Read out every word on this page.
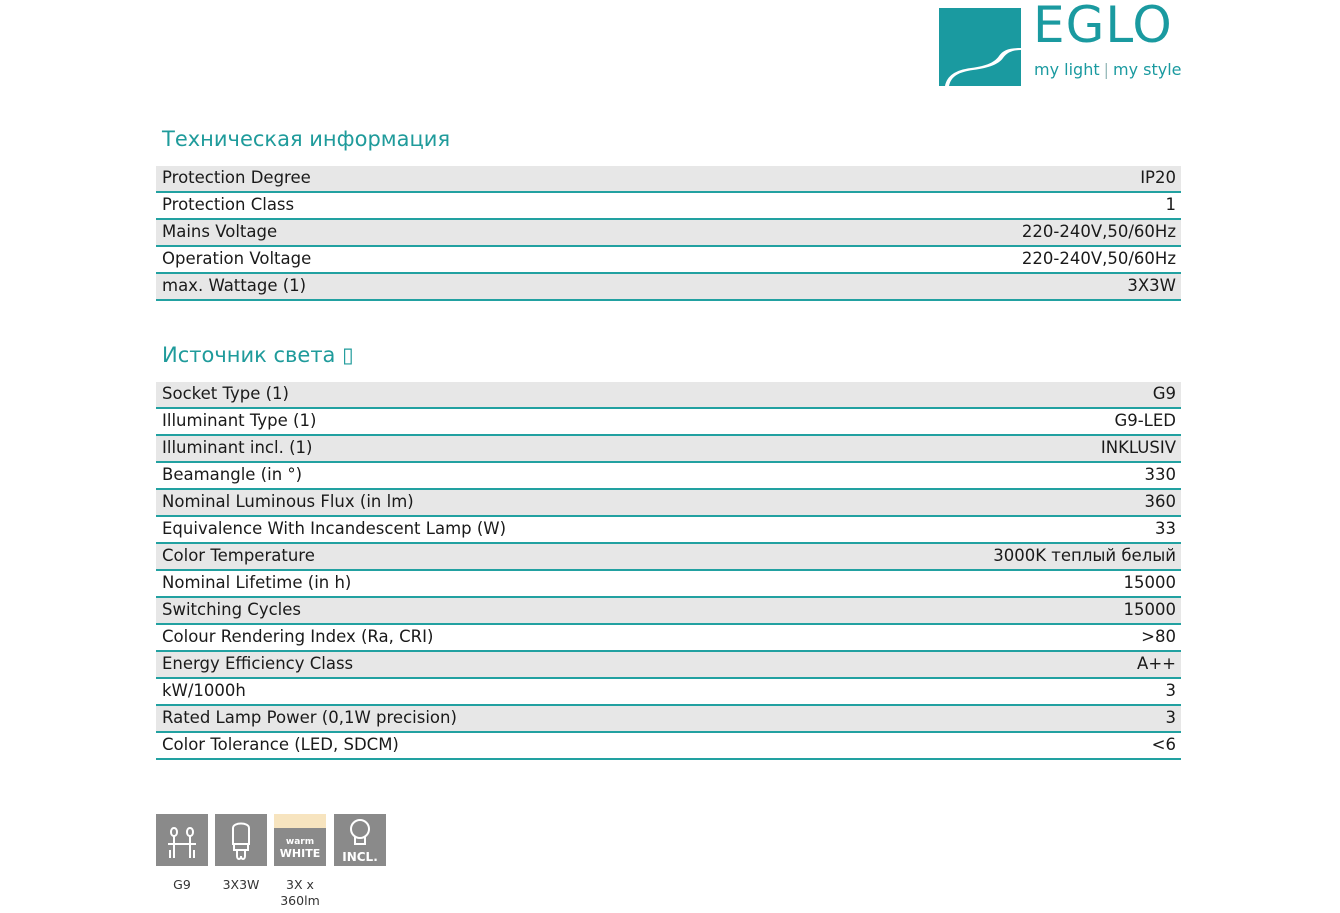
EGLO
my light | my style
Техническая информация
Protection Degree	IP20
Protection Class	1
Mains Voltage	220-240V,50/60Hz
Operation Voltage	220-240V,50/60Hz
max. Wattage (1)	3X3W
Источник света ▯
Socket Type (1)	G9
Illuminant Type (1)	G9-LED
Illuminant incl. (1)	INKLUSIV
Beamangle (in °)	330
Nominal Luminous Flux (in lm)	360
Equivalence With Incandescent Lamp (W)	33
Color Temperature	3000K теплый белый
Nominal Lifetime (in h)	15000
Switching Cycles	15000
Colour Rendering Index (Ra, CRI)	>80
Energy Efficiency Class	A++
kW/1000h	3
Rated Lamp Power (0,1W precision)	3
Color Tolerance (LED, SDCM)	<6
G9	3X3W
warm
WHITE
3X x
360lm
INCL.
